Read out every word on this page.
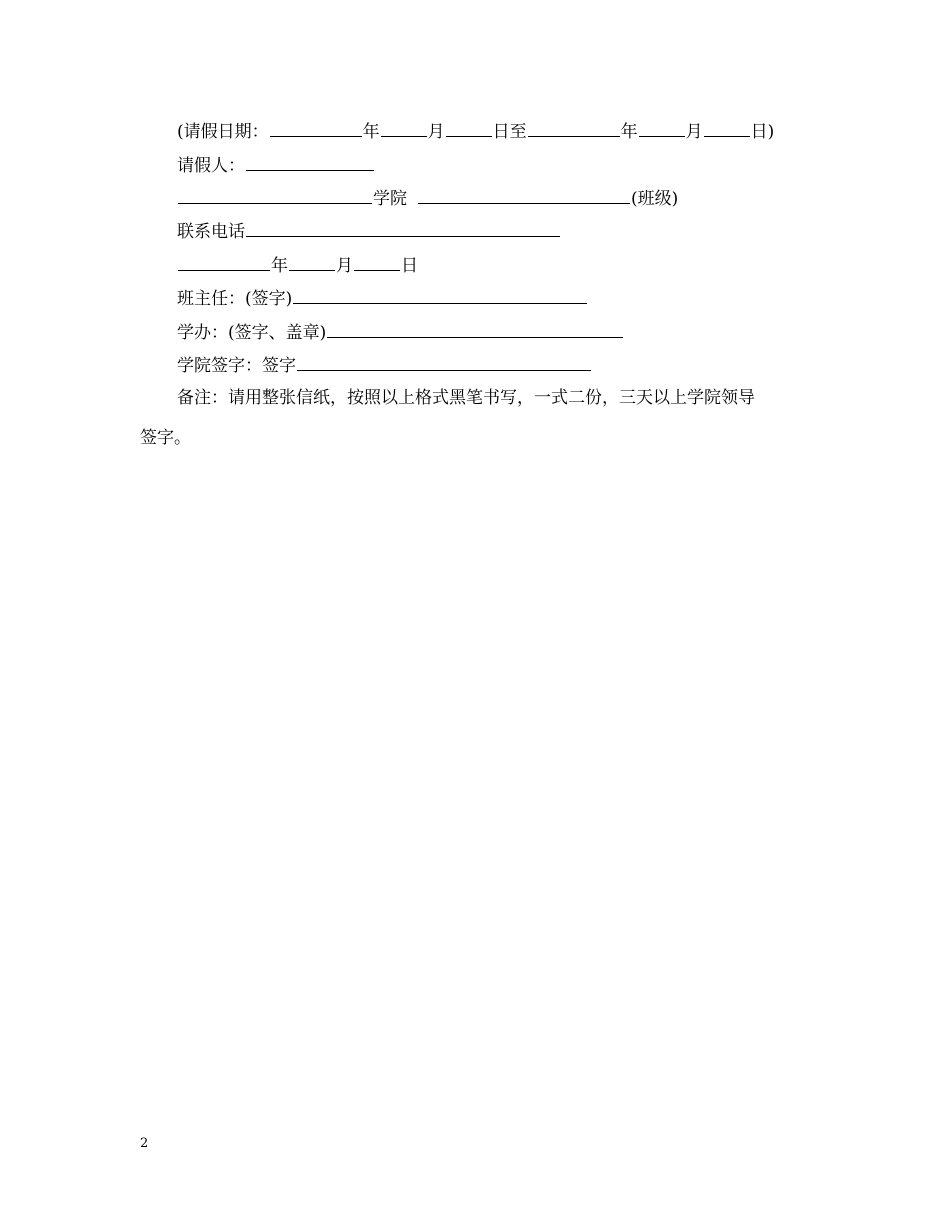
(请假日期：	年	月	日至	年	月	日)
请假人：
学院	(班级)
联系电话
年	月	日
班主任：(签字)
学办：(签字、盖章)
学院签字：签字
备注：请用整张信纸，按照以上格式黑笔书写，一式二份，三天以上学院领导
签字。
2
